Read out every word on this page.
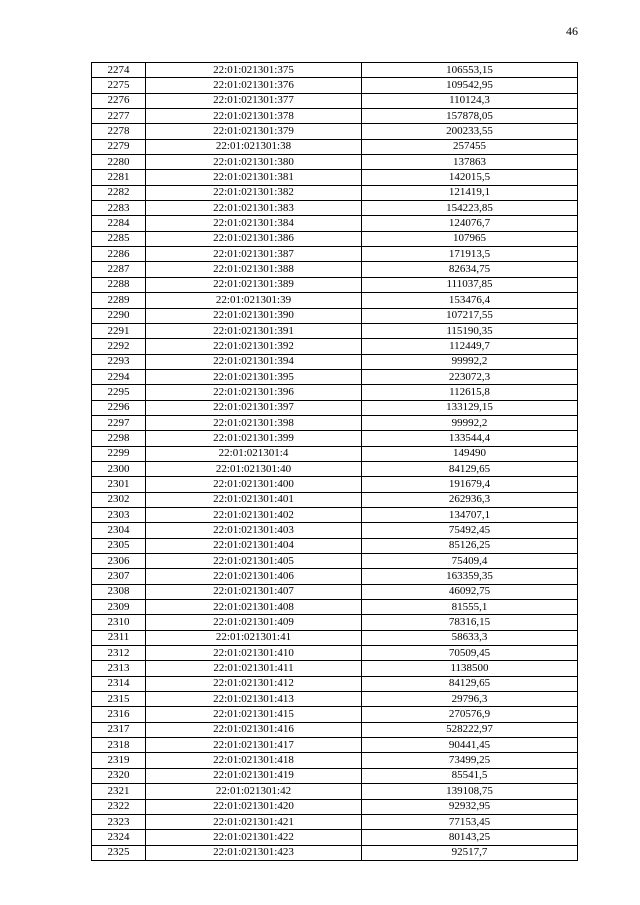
46
2274	22:01:021301:375	106553,15
2275	22:01:021301:376	109542,95
2276	22:01:021301:377	110124,3
2277	22:01:021301:378	157878,05
2278	22:01:021301:379	200233,55
2279	22:01:021301:38	257455
2280	22:01:021301:380	137863
2281	22:01:021301:381	142015,5
2282	22:01:021301:382	121419,1
2283	22:01:021301:383	154223,85
2284	22:01:021301:384	124076,7
2285	22:01:021301:386	107965
2286	22:01:021301:387	171913,5
2287	22:01:021301:388	82634,75
2288	22:01:021301:389	111037,85
2289	22:01:021301:39	153476,4
2290	22:01:021301:390	107217,55
2291	22:01:021301:391	115190,35
2292	22:01:021301:392	112449,7
2293	22:01:021301:394	99992,2
2294	22:01:021301:395	223072,3
2295	22:01:021301:396	112615,8
2296	22:01:021301:397	133129,15
2297	22:01:021301:398	99992,2
2298	22:01:021301:399	133544,4
2299	22:01:021301:4	149490
2300	22:01:021301:40	84129,65
2301	22:01:021301:400	191679,4
2302	22:01:021301:401	262936,3
2303	22:01:021301:402	134707,1
2304	22:01:021301:403	75492,45
2305	22:01:021301:404	85126,25
2306	22:01:021301:405	75409,4
2307	22:01:021301:406	163359,35
2308	22:01:021301:407	46092,75
2309	22:01:021301:408	81555,1
2310	22:01:021301:409	78316,15
2311	22:01:021301:41	58633,3
2312	22:01:021301:410	70509,45
2313	22:01:021301:411	1138500
2314	22:01:021301:412	84129,65
2315	22:01:021301:413	29796,3
2316	22:01:021301:415	270576,9
2317	22:01:021301:416	528222,97
2318	22:01:021301:417	90441,45
2319	22:01:021301:418	73499,25
2320	22:01:021301:419	85541,5
2321	22:01:021301:42	139108,75
2322	22:01:021301:420	92932,95
2323	22:01:021301:421	77153,45
2324	22:01:021301:422	80143,25
2325	22:01:021301:423	92517,7
